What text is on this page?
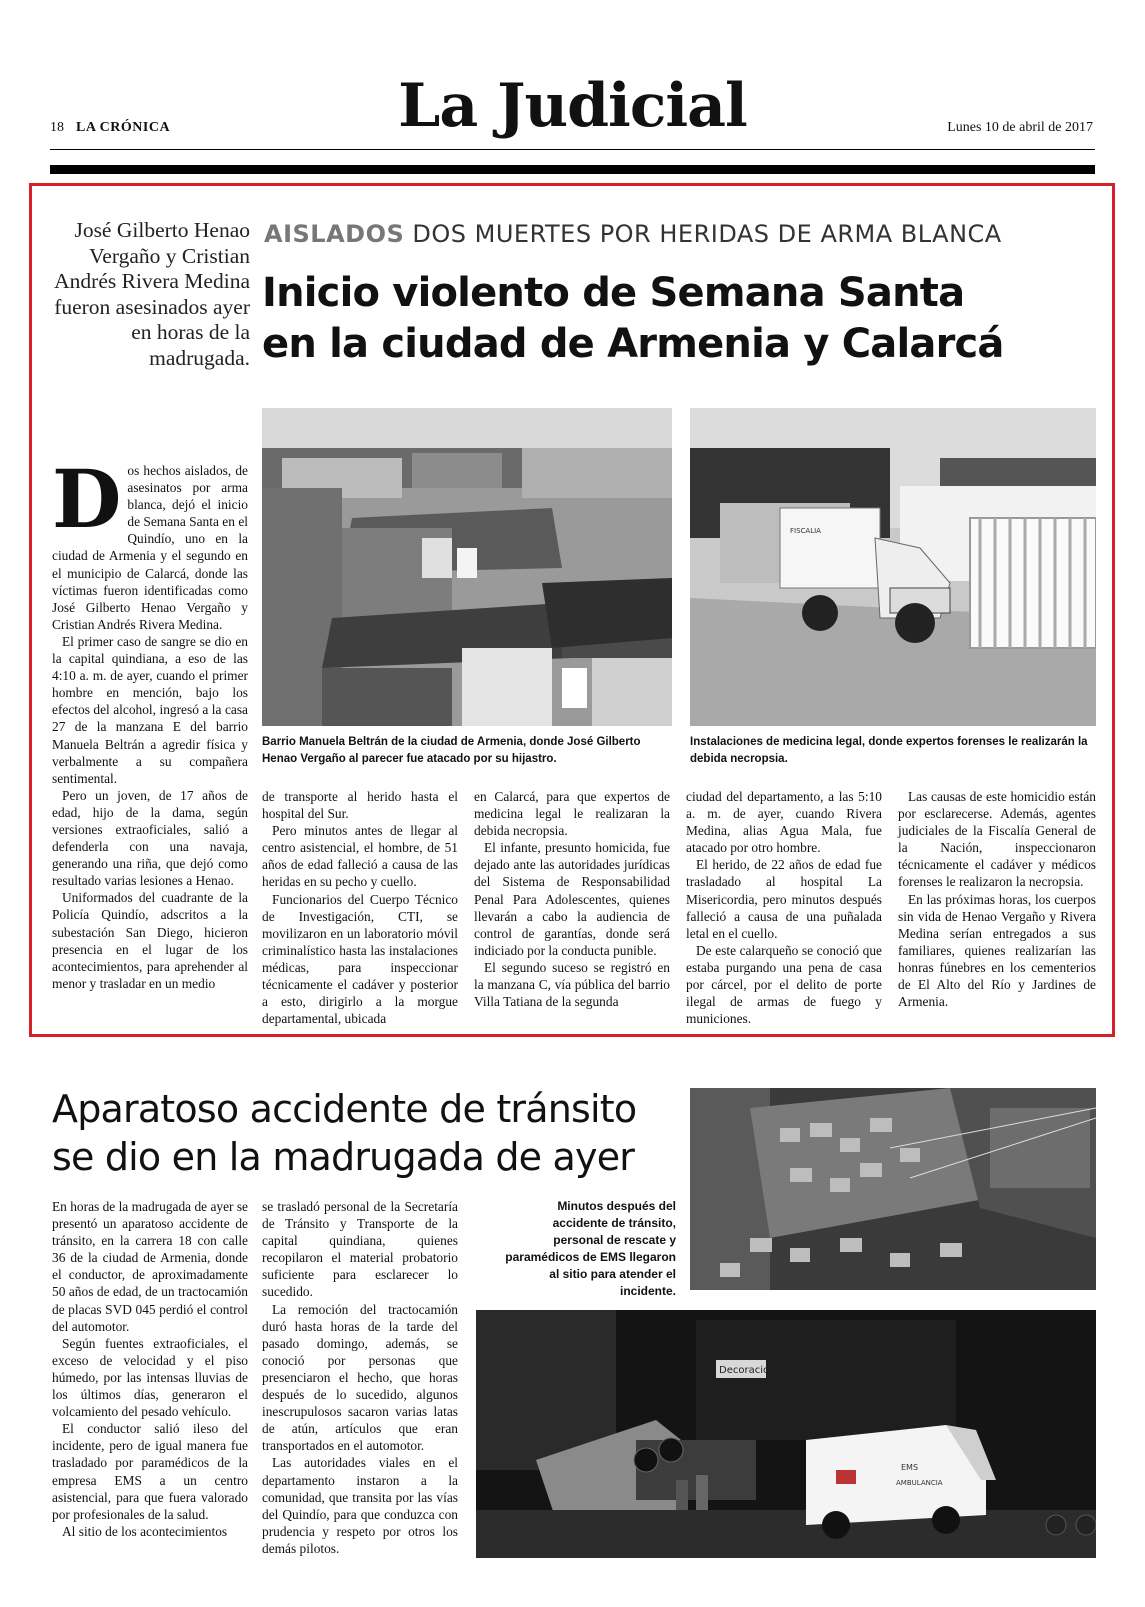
18 LA CRÓNICA	La Judicial	Lunes 10 de abril de 2017
José Gilberto Henao Vergaño y Cristian Andrés Rivera Medina fueron asesinados ayer en horas de la madrugada.
AISLADOS DOS MUERTES POR HERIDAS DE ARMA BLANCA
Inicio violento de Semana Santa
en la ciudad de Armenia y Calarcá
FISCALIA
Barrio Manuela Beltrán de la ciudad de Armenia, donde José Gilberto Henao Vergaño al parecer fue atacado por su hijastro.
Instalaciones de medicina legal, donde expertos forenses le realizarán la debida necropsia.

Dos hechos aislados, de asesinatos por arma blanca, dejó el inicio de Semana Santa en el Quindío, uno en la ciudad de Armenia y el segundo en el municipio de Calarcá, donde las víctimas fueron identificadas como José Gilberto Henao Vergaño y Cristian Andrés Rivera Medina.

El primer caso de sangre se dio en la capital quindiana, a eso de las 4:10 a. m. de ayer, cuando el primer hombre en mención, bajo los efectos del alcohol, ingresó a la casa 27 de la manzana E del barrio Manuela Beltrán a agredir física y verbalmente a su compañera sentimental.

Pero un joven, de 17 años de edad, hijo de la dama, según versiones extraoficiales, salió a defenderla con una navaja, generando una riña, que dejó como resultado varias lesiones a Henao.

Uniformados del cuadrante de la Policía Quindío, adscritos a la subestación San Diego, hicieron presencia en el lugar de los acontecimientos, para aprehender al menor y trasladar en un medio

de transporte al herido hasta el hospital del Sur.

Pero minutos antes de llegar al centro asistencial, el hombre, de 51 años de edad falleció a causa de las heridas en su pecho y cuello.

Funcionarios del Cuerpo Técnico de Investigación, CTI, se movilizaron en un laboratorio móvil criminalístico hasta las instalaciones médicas, para inspeccionar técnicamente el cadáver y posterior a esto, dirigirlo a la morgue departamental, ubicada

en Calarcá, para que expertos de medicina legal le realizaran la debida necropsia.

El infante, presunto homicida, fue dejado ante las autoridades jurídicas del Sistema de Responsabilidad Penal Para Adolescentes, quienes llevarán a cabo la audiencia de control de garantías, donde será indiciado por la conducta punible.

El segundo suceso se registró en la manzana C, vía pública del barrio Villa Tatiana de la segunda

ciudad del departamento, a las 5:10 a. m. de ayer, cuando Rivera Medina, alias Agua Mala, fue atacado por otro hombre.

El herido, de 22 años de edad fue trasladado al hospital La Misericordia, pero minutos después falleció a causa de una puñalada letal en el cuello.

De este calarqueño se conoció que estaba purgando una pena de casa por cárcel, por el delito de porte ilegal de armas de fuego y municiones.

Las causas de este homicidio están por esclarecerse. Además, agentes judiciales de la Fiscalía General de la Nación, inspeccionaron técnicamente el cadáver y médicos forenses le realizaron la necropsia.

En las próximas horas, los cuerpos sin vida de Henao Vergaño y Rivera Medina serían entregados a sus familiares, quienes realizarían las honras fúnebres en los cementerios de El Alto del Río y Jardines de Armenia.

Aparatoso accidente de tránsito
se dio en la madrugada de ayer
Minutos después del accidente de tránsito, personal de rescate y paramédicos de EMS llegaron al sitio para atender el incidente.
Decoraciones
AMBULANCIA
EMS

En horas de la madrugada de ayer se presentó un aparatoso accidente de tránsito, en la carrera 18 con calle 36 de la ciudad de Armenia, donde el conductor, de aproximadamente 50 años de edad, de un tractocamión de placas SVD 045 perdió el control del automotor.

Según fuentes extraoficiales, el exceso de velocidad y el piso húmedo, por las intensas lluvias de los últimos días, generaron el volcamiento del pesado vehículo.

El conductor salió ileso del incidente, pero de igual manera fue trasladado por paramédicos de la empresa EMS a un centro asistencial, para que fuera valorado por profesionales de la salud.

Al sitio de los acontecimientos

se trasladó personal de la Secretaría de Tránsito y Transporte de la capital quindiana, quienes recopilaron el material probatorio suficiente para esclarecer lo sucedido.

La remoción del tractocamión duró hasta horas de la tarde del pasado domingo, además, se conoció por personas que presenciaron el hecho, que horas después de lo sucedido, algunos inescrupulosos sacaron varias latas de atún, artículos que eran transportados en el automotor.

Las autoridades viales en el departamento instaron a la comunidad, que transita por las vías del Quindío, para que conduzca con prudencia y respeto por otros los demás pilotos.
